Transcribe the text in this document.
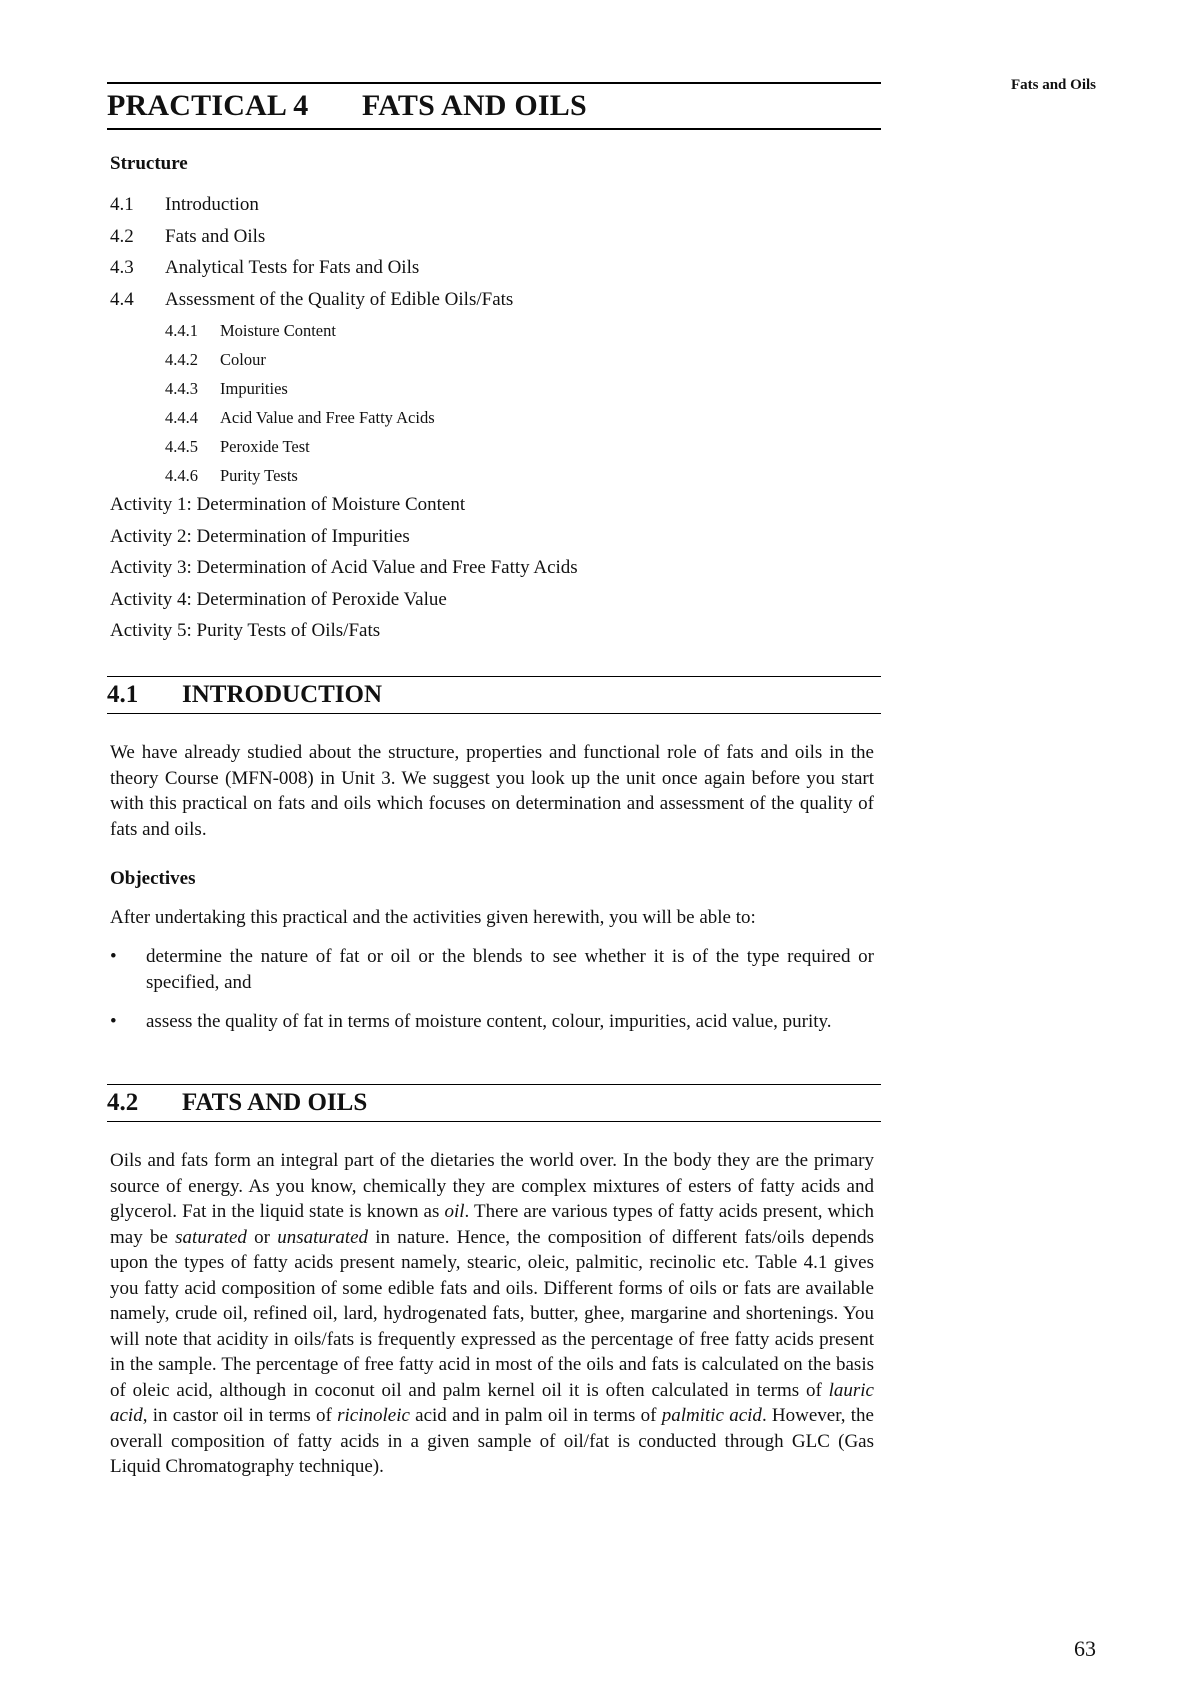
Fats and Oils
PRACTICAL 4 FATS AND OILS
Structure
4.1 Introduction
4.2 Fats and Oils
4.3 Analytical Tests for Fats and Oils
4.4 Assessment of the Quality of Edible Oils/Fats
4.4.1 Moisture Content
4.4.2 Colour
4.4.3 Impurities
4.4.4 Acid Value and Free Fatty Acids
4.4.5 Peroxide Test
4.4.6 Purity Tests
Activity 1: Determination of Moisture Content
Activity 2: Determination of Impurities
Activity 3: Determination of Acid Value and Free Fatty Acids
Activity 4: Determination of Peroxide Value
Activity 5: Purity Tests of Oils/Fats
4.1 INTRODUCTION

We have already studied about the structure, properties and functional role of fats and oils in the theory Course (MFN-008) in Unit 3. We suggest you look up the unit once again before you start with this practical on fats and oils which focuses on determination and assessment of the quality of fats and oils.

Objectives

After undertaking this practical and the activities given herewith, you will be able to:

• determine the nature of fat or oil or the blends to see whether it is of the type required or specified, and
• assess the quality of fat in terms of moisture content, colour, impurities, acid value, purity.
4.2 FATS AND OILS

Oils and fats form an integral part of the dietaries the world over. In the body they are the primary source of energy. As you know, chemically they are complex mixtures of esters of fatty acids and glycerol. Fat in the liquid state is known as oil. There are various types of fatty acids present, which may be saturated or unsaturated in nature. Hence, the composition of different fats/oils depends upon the types of fatty acids present namely, stearic, oleic, palmitic, recinolic etc. Table 4.1 gives you fatty acid composition of some edible fats and oils. Different forms of oils or fats are available namely, crude oil, refined oil, lard, hydrogenated fats, butter, ghee, margarine and shortenings. You will note that acidity in oils/fats is frequently expressed as the percentage of free fatty acids present in the sample. The percentage of free fatty acid in most of the oils and fats is calculated on the basis of oleic acid, although in coconut oil and palm kernel oil it is often calculated in terms of lauric acid, in castor oil in terms of ricinoleic acid and in palm oil in terms of palmitic acid. However, the overall composition of fatty acids in a given sample of oil/fat is conducted through GLC (Gas Liquid Chromatography technique).

63
